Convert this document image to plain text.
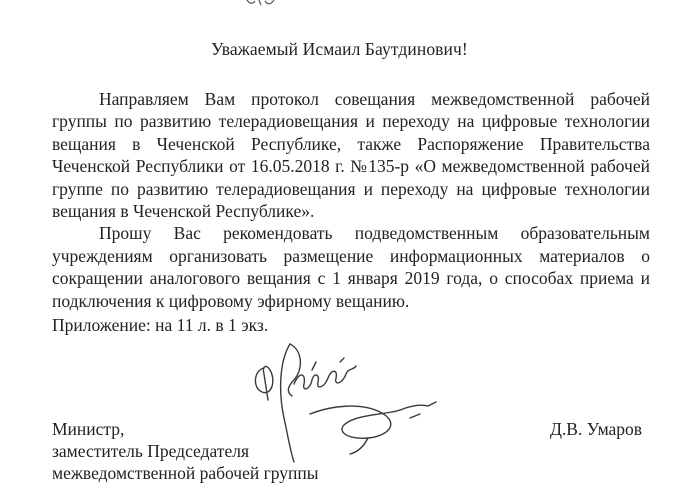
Уважаемый Исмаил Баутдинович!

Направляем Вам протокол совещания межведомственной рабочей группы по развитию телерадиовещания и переходу на цифровые технологии вещания в Чеченской Республике, также Распоряжение Правительства Чеченской Республики от 16.05.2018 г. №135-р «О межведомственной рабочей группе по развитию телерадиовещания и переходу на цифровые технологии вещания в Чеченской Республике».

Прошу Вас рекомендовать подведомственным образовательным учреждениям организовать размещение информационных материалов о сокращении аналогового вещания с 1 января 2019 года, о способах приема и подключения к цифровому эфирному вещанию.

Приложение: на 11 л. в 1 экз.
Министр,
заместитель Председателя
межведомственной рабочей группы
Д.В. Умаров
